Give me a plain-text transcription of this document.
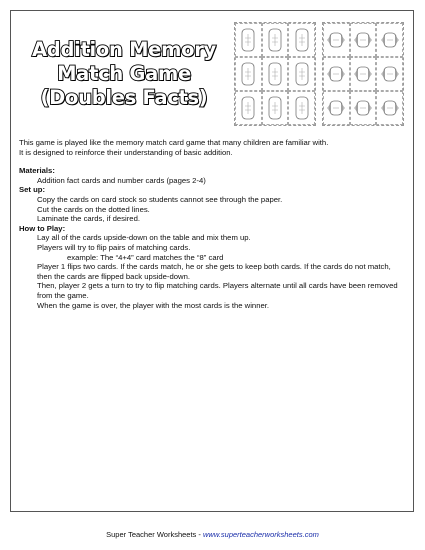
Addition Memory
Match Game
(Doubles Facts)

This game is played like the memory match card game that many children are familiar with.

It is designed to reinforce their understanding of basic addition.

Materials:

Addition fact cards and number cards (pages 2-4)

Set up:

Copy the cards on card stock so students cannot see through the paper.

Cut the cards on the dotted lines.

Laminate the cards, if desired.

How to Play:

Lay all of the cards upside-down on the table and mix them up.

Players will try to flip pairs of matching cards.

example: The “4+4” card matches the “8” card

Player 1 flips two cards. If the cards match, he or she gets to keep both cards. If the cards do not match, then the cards are flipped back upside-down.

Then, player 2 gets a turn to try to flip matching cards. Players alternate until all cards have been removed from the game.

When the game is over, the player with the most cards is the winner.

Super Teacher Worksheets - www.superteacherworksheets.com
